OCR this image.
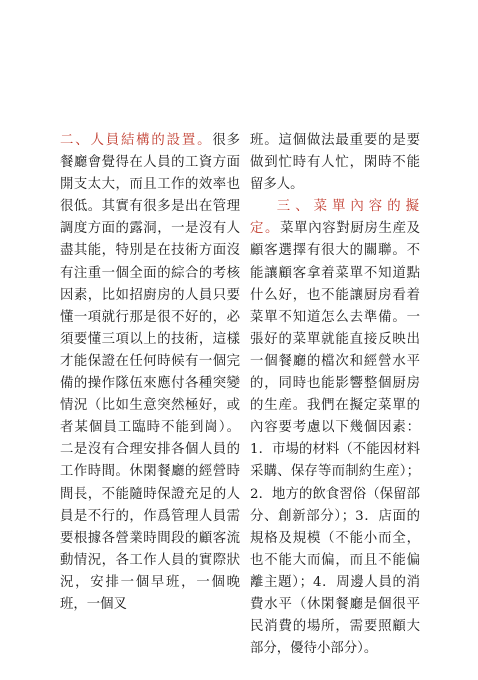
二、人員結構的設置。很多餐廳會覺得在人員的工資方面開支太大，而且工作的效率也很低。其實有很多是出在管理調度方面的露洞，一是沒有人盡其能，特別是在技術方面沒有注重一個全面的綜合的考核因素，比如招廚房的人員只要懂一項就行那是很不好的，必須要懂三項以上的技術，這樣才能保證在任何時候有一個完備的操作隊伍來應付各種突變情況（比如生意突然極好，或者某個員工臨時不能到崗）。二是沒有合理安排各個人員的工作時間。休閑餐廳的經營時間長，不能隨時保證充足的人員是不行的，作爲管理人員需要根據各營業時間段的顧客流動情況，各工作人員的實際狀況，安排一個早班，一個晚班，一個叉

班。這個做法最重要的是要做到忙時有人忙，閑時不能留多人。

三、菜單內容的擬定。菜單內容對厨房生産及顧客選擇有很大的關聯。不能讓顧客拿着菜單不知道點什么好，也不能讓厨房看着菜單不知道怎么去準備。一張好的菜單就能直接反映出一個餐廳的檔次和經營水平的，同時也能影響整個厨房的生産。我們在擬定菜單的內容要考慮以下幾個因素：1．市場的材料（不能因材料采購、保存等而制約生産）；2．地方的飲食習俗（保留部分、創新部分）；3．店面的規格及規模（不能小而全，也不能大而偏，而且不能偏離主題）；4．周邊人員的消費水平（休閑餐廳是個很平民消費的場所，需要照顧大部分，優待小部分）。
